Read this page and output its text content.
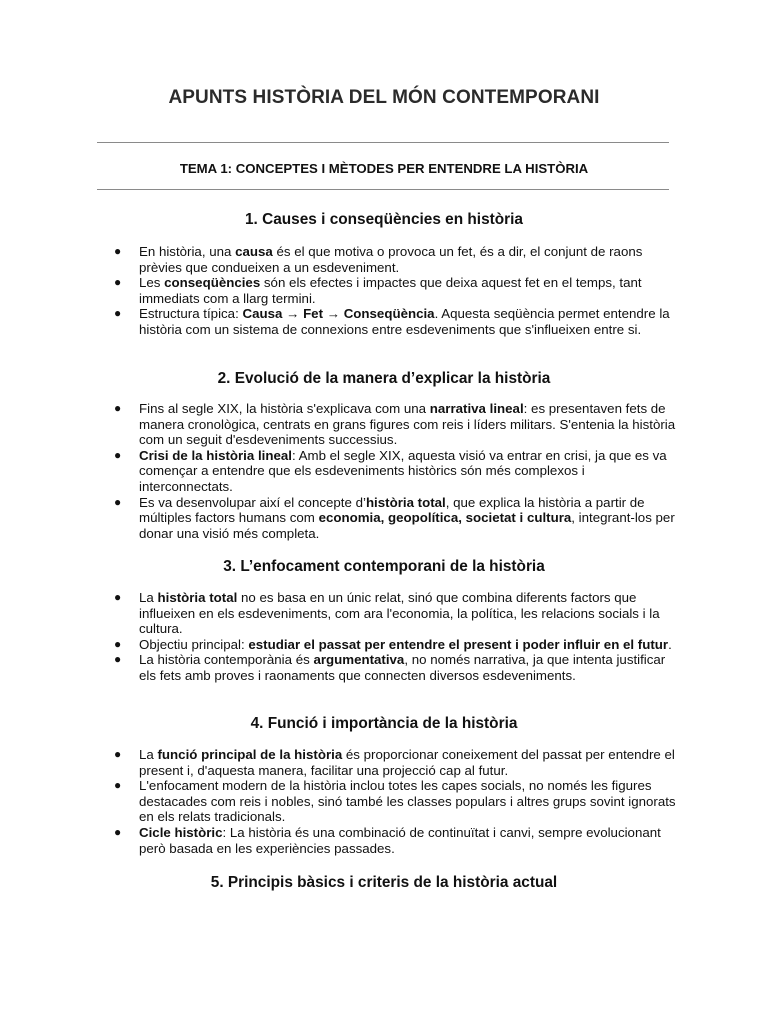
APUNTS HISTÒRIA DEL MÓN CONTEMPORANI
TEMA 1: CONCEPTES I MÈTODES PER ENTENDRE LA HISTÒRIA
1. Causes i conseqüències en història
● En història, una causa és el que motiva o provoca un fet, és a dir, el conjunt de raons prèvies que condueixen a un esdeveniment.
● Les conseqüències són els efectes i impactes que deixa aquest fet en el temps, tant immediats com a llarg termini.
● Estructura típica: Causa → Fet → Conseqüència. Aquesta seqüència permet entendre la història com un sistema de connexions entre esdeveniments que s'influeixen entre si.
2. Evolució de la manera d’explicar la història
● Fins al segle XIX, la història s'explicava com una narrativa lineal: es presentaven fets de manera cronològica, centrats en grans figures com reis i líders militars. S'entenia la història com un seguit d'esdeveniments successius.
● Crisi de la història lineal: Amb el segle XIX, aquesta visió va entrar en crisi, ja que es va començar a entendre que els esdeveniments històrics són més complexos i interconnectats.
● Es va desenvolupar així el concepte d’història total, que explica la història a partir de múltiples factors humans com economia, geopolítica, societat i cultura, integrant-los per donar una visió més completa.
3. L’enfocament contemporani de la història
● La història total no es basa en un únic relat, sinó que combina diferents factors que influeixen en els esdeveniments, com ara l'economia, la política, les relacions socials i la cultura.
● Objectiu principal: estudiar el passat per entendre el present i poder influir en el futur.
● La història contemporània és argumentativa, no només narrativa, ja que intenta justificar els fets amb proves i raonaments que connecten diversos esdeveniments.
4. Funció i importància de la història
● La funció principal de la història és proporcionar coneixement del passat per entendre el present i, d'aquesta manera, facilitar una projecció cap al futur.
● L'enfocament modern de la història inclou totes les capes socials, no només les figures destacades com reis i nobles, sinó també les classes populars i altres grups sovint ignorats en els relats tradicionals.
● Cicle històric: La història és una combinació de continuïtat i canvi, sempre evolucionant però basada en les experiències passades.
5. Principis bàsics i criteris de la història actual
